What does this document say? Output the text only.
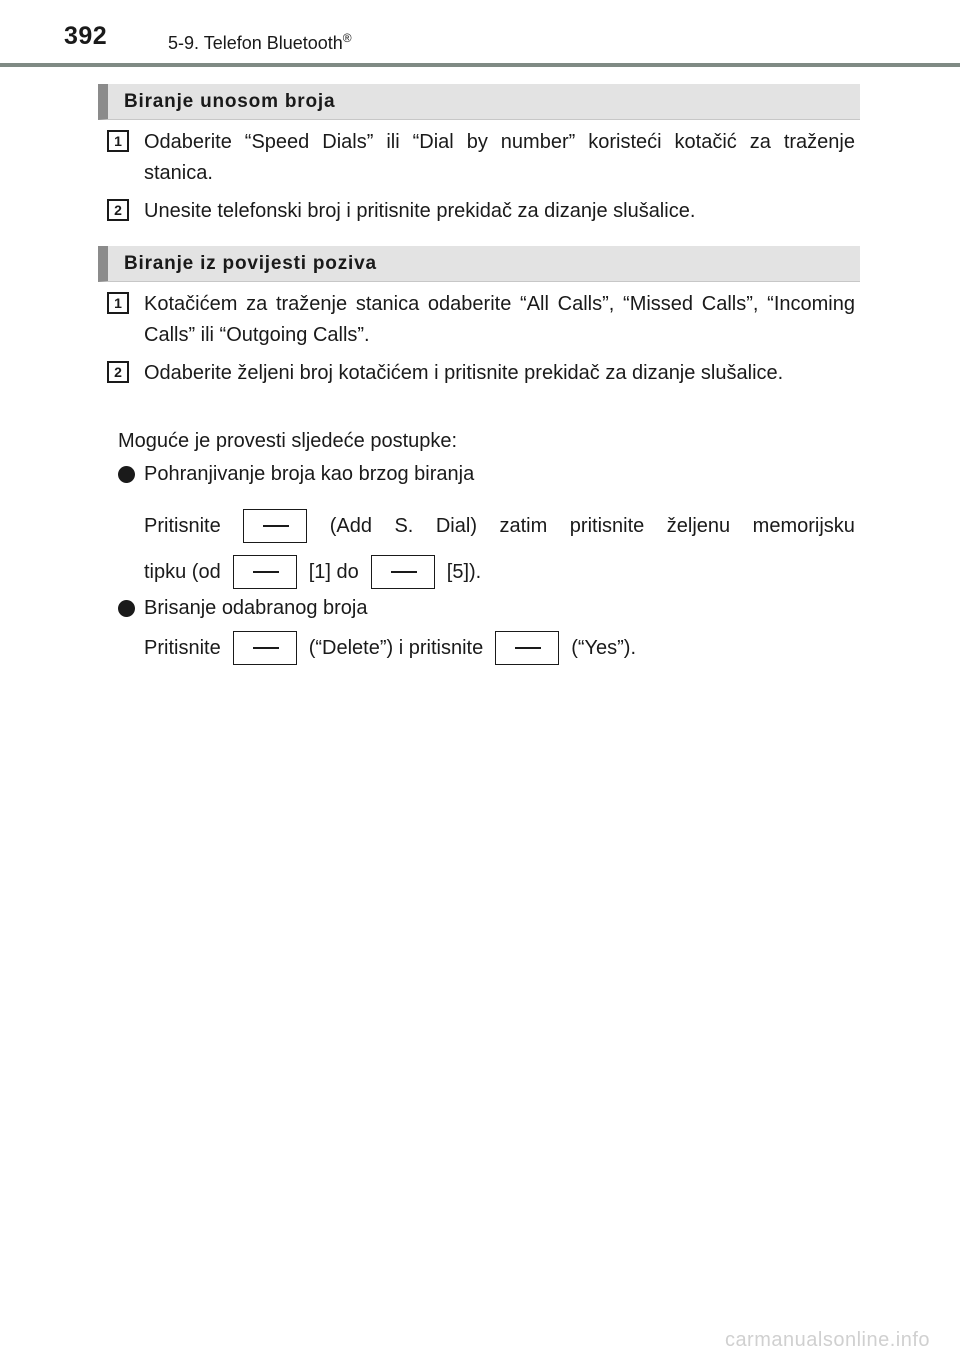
392	5-9. Telefon Bluetooth®
Biranje unosom broja
1	Odaberite “Speed Dials” ili “Dial by number” koristeći kotačić za traženje stanica.
2	Unesite telefonski broj i pritisnite prekidač za dizanje slušalice.
Biranje iz povijesti poziva
1	Kotačićem za traženje stanica odaberite “All Calls”, “Missed Calls”, “Incoming Calls” ili “Outgoing Calls”.
2	Odaberite željeni broj kotačićem i pritisnite prekidač za dizanje slušalice.
Moguće je provesti sljedeće postupke:
Pohranjivanje broja kao brzog biranja
Pritisnite	(Add S. Dial) zatim pritisnite željenu memorijsku
tipku (od	[1] do	[5]).
Brisanje odabranog broja
Pritisnite	(“Delete”) i pritisnite	(“Yes”).
carmanualsonline.info
